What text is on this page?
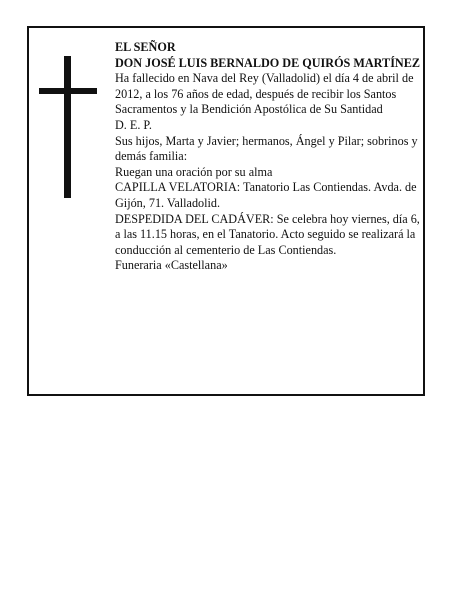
EL SEÑOR

DON JOSÉ LUIS BERNALDO DE QUIRÓS MARTÍNEZ

Ha fallecido en Nava del Rey (Valladolid) el día 4 de abril de 2012, a los 76 años de edad, después de recibir los Santos Sacramentos y la Bendición Apostólica de Su Santidad

D. E. P.

Sus hijos, Marta y Javier; hermanos, Ángel y Pilar; sobrinos y demás familia:

Ruegan una oración por su alma

CAPILLA VELATORIA: Tanatorio Las Contiendas. Avda. de Gijón, 71. Valladolid.

DESPEDIDA DEL CADÁVER: Se celebra hoy viernes, día 6, a las 11.15 horas, en el Tanatorio. Acto seguido se realizará la conducción al cementerio de Las Contiendas.

Funeraria «Castellana»
